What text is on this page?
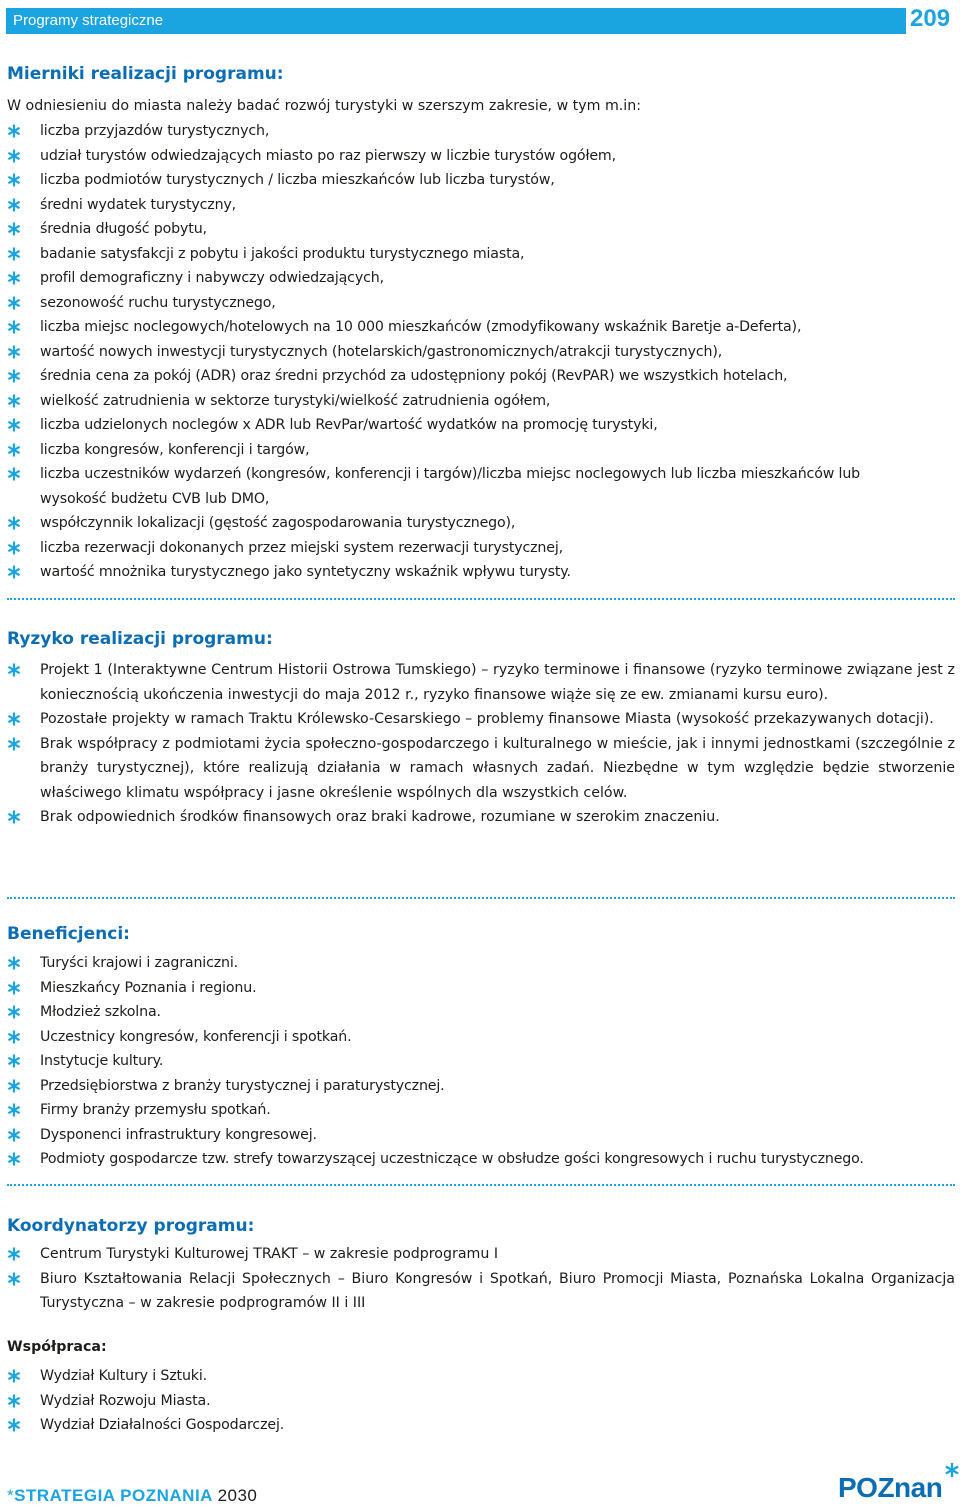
Programy strategiczne	209
Mierniki realizacji programu:
W odniesieniu do miasta należy badać rozwój turystyki w szerszym zakresie, w tym m.in:
liczba przyjazdów turystycznych,
udział turystów odwiedzających miasto po raz pierwszy w liczbie turystów ogółem,
liczba podmiotów turystycznych / liczba mieszkańców lub liczba turystów,
średni wydatek turystyczny,
średnia długość pobytu,
badanie satysfakcji z pobytu i jakości produktu turystycznego miasta,
profil demograficzny i nabywczy odwiedzających,
sezonowość ruchu turystycznego,
liczba miejsc noclegowych/hotelowych na 10 000 mieszkańców (zmodyfikowany wskaźnik Baretje a-Deferta),
wartość nowych inwestycji turystycznych (hotelarskich/gastronomicznych/atrakcji turystycznych),
średnia cena za pokój (ADR) oraz średni przychód za udostępniony pokój (RevPAR) we wszystkich hotelach,
wielkość zatrudnienia w sektorze turystyki/wielkość zatrudnienia ogółem,
liczba udzielonych noclegów x ADR lub RevPar/wartość wydatków na promocję turystyki,
liczba kongresów, konferencji i targów,
liczba uczestników wydarzeń (kongresów, konferencji i targów)/liczba miejsc noclegowych lub liczba mieszkańców lub
wysokość budżetu CVB lub DMO,
współczynnik lokalizacji (gęstość zagospodarowania turystycznego),
liczba rezerwacji dokonanych przez miejski system rezerwacji turystycznej,
wartość mnożnika turystycznego jako syntetyczny wskaźnik wpływu turysty.
Ryzyko realizacji programu:
Projekt 1 (Interaktywne Centrum Historii Ostrowa Tumskiego) – ryzyko terminowe i finansowe (ryzyko terminowe związane jest z koniecznością ukończenia inwestycji do maja 2012 r., ryzyko finansowe wiąże się ze ew. zmianami kursu euro).
Pozostałe projekty w ramach Traktu Królewsko-Cesarskiego – problemy finansowe Miasta (wysokość przekazywanych dotacji).
Brak współpracy z podmiotami życia społeczno-gospodarczego i kulturalnego w mieście, jak i innymi jednostkami (szczególnie z branży turystycznej), które realizują działania w ramach własnych zadań. Niezbędne w tym względzie będzie stworzenie właściwego klimatu współpracy i jasne określenie wspólnych dla wszystkich celów.
Brak odpowiednich środków finansowych oraz braki kadrowe, rozumiane w szerokim znaczeniu.
Beneficjenci:
Turyści krajowi i zagraniczni.
Mieszkańcy Poznania i regionu.
Młodzież szkolna.
Uczestnicy kongresów, konferencji i spotkań.
Instytucje kultury.
Przedsiębiorstwa z branży turystycznej i paraturystycznej.
Firmy branży przemysłu spotkań.
Dysponenci infrastruktury kongresowej.
Podmioty gospodarcze tzw. strefy towarzyszącej uczestniczące w obsłudze gości kongresowych i ruchu turystycznego.
Koordynatorzy programu:
Centrum Turystyki Kulturowej TRAKT – w zakresie podprogramu I
Biuro Kształtowania Relacji Społecznych – Biuro Kongresów i Spotkań, Biuro Promocji Miasta, Poznańska Lokalna Organizacja Turystyczna – w zakresie podprogramów II i III
Współpraca:
Wydział Kultury i Sztuki.
Wydział Rozwoju Miasta.
Wydział Działalności Gospodarczej.
*STRATEGIA POZNANIA 2030	POZnan
